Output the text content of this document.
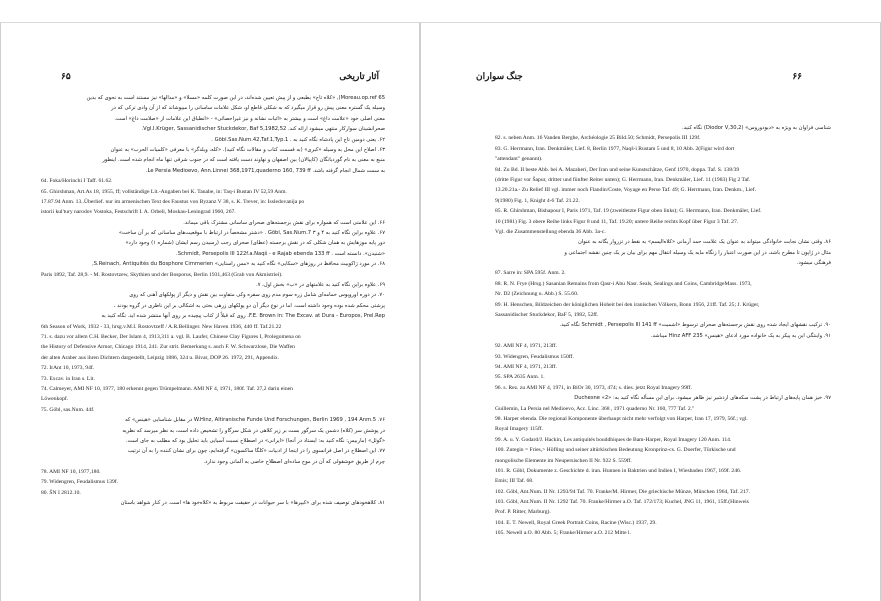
۶۵	آثار تاریخی
65 Moreau.op.ref), «کلاه تاج» بطبعی و از پیش تعیین شده‌اند، در این صورت کلمه «مسلا» و «مدالها» نیز مستند است به نحوی که بدین
وسیله یک گستره معنی پیش رو قرار میگیرد که به شکلی قاطع او، شکل علامات ساسانی را میپوشاند که از آن وادی ترکی که در
معنی اصلی خود «علامت داغ» است و بیشتر به «اثبات نشانه و نیز غیراحصائی» - «انطباق این علامات از «صلامت داغ» است.
صحرانشینان سوارکار منتهی میشود ارائه کند. Vgl.I.Krüger, Sassanidischer Stuckdekor, Baf 5,1982,52.
۶۲. یعنی دومین تاج این پادشاه نگاه کنید به . Göbl.Sas.Num.42,Taf.1,Typ.1 .
۶۳. اصلاح این محل به وسیله «کبری» (به قسمت کتاب و مقالات نگاه کنید). «کله، ویلدگر» با معرفی «کلمیات الحرب» به عنوان
منبع به معنی به نام گوردیانگان (کاپیالان) بین اصفهان و نهاوند دست یافته است که در جنوب شرقی تنها ماه انجام شده است. اینطور
به سمت شمال انجام گرفته باشد. Le Persia Medioevo, Ann.Linnei 368,1971,quaderno 160, 739 ff.
64. Foka/Horinchi I Taff. 61.62.
65. Ghirshman, Art.As 18, 1955, ff; vollständige Lit.-Angaben bei K. Tanabe, in: Taq-i Bustan IV 52,59 Anm.
17.87.94 Anm. 13..Überlief. nur im armenischen Text des Faustus von Byzanz V 38, s. K. Trever, in: Issledovanija po
istorii kul'tury narodov Vostoka, Festschrift I. A. Orbeli, Moskau-Leningrad 1960, 267.
۶۶. این علامتی است که همواره برای نقش برجسته‌های صحرای ساسانی مشترک باقی میماند.
۶۷. علاوه براین نگاه کنید به ۴ و ۳ Göbl, Sas.Num.7 . «دشتر مشخصاً در ارتباط با موقعیت‌های ساسانی که بر آن ساخت»
دور پایه موزهایش به همان شکلی که در نقش برجسته (عطای) صحرای رجب (رسیدن رسم ایشان (شماره ۱) وجود دارد»
«شنیدن». دانسته است . Schmidt, Persepolis III 122f.a.Naqš - e Rajab ebenda 133 ff.
۶۸. در مورد ژاکوییث محافظ در روزهای «سکایی» نگاه کنید به «مس راستایی» S.Reinach, Antiquités du Bosphore Cimmerien,
Paris 1892, Taf. 28,9. - M. Rostovtzew, Skythien und der Bosporus, Berlin 1931,463 (Grab von Akmistriei).
۶۹. علاوه براین نگاه کنید به علامتهای در «ب» بخش اول، ۷.
۷۰. در دوره اوروپوس حمامه‌ای شامل زره سوم مدم روی سفره وکی متفاوت بین نقش و دیگر از پولکهای آهنی که روی
پرشتی محکم شده بوده وجود داشته است. اما در نوع دیگر آن دو پولکهای زرهی بحثی به اشکالی بر این ناظری در گروه بودند ،
F.E. Brown in: The Excav. at Dura - Europos, Prel.Rep. روی که قبلاً از کتاب پیچیده بر روی آنها منتشر شده اید. نگاه کنید به
6th Season of Work, 1932 - 33, hrsg.v.M.I. Rostovtzeff / A.R.Bellinger. New Haven 1936, 440 ff. Taf.21.22
71. s. dazu vor allem C.H. Becker, Der Islam 4, 1913,311 a. vgl. B. Laufer, Chinese Clay Figures I, Prolegomena on
the History of Defensive Armor, Chicago 1914, 241. Zur strit. Bemerkung s. auch F. W. Schwarzlose, Die Waffen
der alten Araber aus ihren Dichtern dargestellt, Leipzig 1886, 324 u. Bivar, DOP 26. 1972, 291, Appendix.
72. IrAnt 10, 1973, 94f.
73. Excav. in Iran s. Lit.
74. Calmeyer, AMI NF 10, 1977, 180 erkennt gegen Trümpelmann. AMI NF 4, 1971, 180f. Taf. 27,2 darin einen
Löwenkopf.
75. Göbl, sas.Num. 44f.
۷۶. W.Hinz, Altiranische Funde Und Forschungen, Berlin 1969 , 194 Anm.5 در مقابل شناسایی «هینس» که
در پوشش سر (کلاه) دشمن یک سرگور بست بر زیر کلاهی در شکل سرگاو را تشخیص داده است، به نظر میرسد که نظریه
«گوئل» (ماربیس: نگاه کنید به: ایستاد در آنجا) «ایرانی» در اصطلاح نسبت آسیایی باید تحلیل بود که مطلب به جای است.
۷۷. این اصطلاح در اصل فرانسوی را در اینجا از ادبیات «کلگا ساکسون» گرفته‌ایم، چون برای نشان کننده را به آن ترتیب
چرم از طریق خوشقولی که آن در موج ساده‌ای اصطلاح خاصی به آلمانی وجود ندارد.
78. AMI NF 10, 1977,180.
79. Widengren, Feudalismus 139f.
80. ŠN I 2812.10.
۸۱. کلاهخودهای توصیف شده برای «کیپرها» با سر حیوانات در حقیقت مربوط به «کلاه‌خود ها» است. در کنار شواهد باستان
جنگ سواران	۶۶
شناسی فراوان به ویژه به «دیودوروس» (Diodor V,30,2) نگاه کنید.
82. s. neben Anm. 16 Vanden Berghe, Archéologie 25 Bild.50; Schmidt, Persepolis III 129f.
83. G. Herrmann, Iran. Denkmäler, Lief. 8, Berlin 1977, Naqš-i Rustam 5 und 8, 10 Abb. 2(Figur wird dort
"attendant" genannt).
84. Zu Bd. II beste Abb. bei A. Mazaheri, Der Iran und seine Kunstschätze, Genf 1970, doppa. Taf. S. 138/39
(dritte Figur vor Šapur, dritter und fünfter Reiter unten); G. Herrmann, Iran. Denkmäler, Lief. 11 (1983) Fig 2 Taf.
13.20.21a.- Zu Relief III vgl. immer noch Flandin/Coste, Voyage en Perse Taf. 49; G. Herrmann, Iran. Denkm., Lief.
9(1980) Fig. 1, Knight 4-6 Taf. 21.22.
85. R. Ghirshman, Bishapour I, Paris 1971, Taf. 19 (zweitletzte Figur oben links); G. Herrmann, Iran. Denkmäler, Lief.
10 (1981) Fig. 3 obere Reihe links Figur 8 und 11, Taf. 19.20; untere Reihe rechts Kopf über Figur 3 Taf. 27.
Vgl. die Zusammenstellung ebenda 36 Abb. 3a-c.
۸۶. وقتی نشان نجابت خانوادگی میتواند به عنوان یک علامت حمد آرمانی «کلاه‌الیسم» به نقط در تزروار یگانه به عنوان
مثال در ژاپون تا مطرح باشد، در این صورت اعتبار را زنگاه مایه یک وسیله انتقال مهم برای بیان بر یک چنین نقشه اجتماعی و
فرهنگی میشود.
87. Sarre in: SPA 595f. Anm. 2.
88. R. N. Frye (Hrsg.) Sasanian Remains from Qasr-i Abu Nasr. Seals, Sealings and Coins, CambridgeMass. 1973,
Nr. D2 (Zeichnung u. Abb.) S. 55.60.
89. H. Henschen, Bildzeichen der königlichen Hoheit bei den iranischen Völkern, Bonn 1956, 21ff. Taf. 25; J. Krüger,
Sassanidischer Stuckdekor, BaF 5, 1982, 52ff.
۹۰. ترکیب نقشهای ایجاد شده روی نقش برجسته‌های صحرای ترسوط «اشمیت» Schmidt , Persepolis III 141 ff نگاه کنید.
۹۱. واینتگی این به پیکر به یک خانواده مورد ادعای «هینس» Hinz AFF 235 میباشد.
92. AMI NF 4, 1971, 213ff.
93. Widengren, Feudalismus 150ff.
94. AMI NF 4, 1971, 213ff.
95. SPA 2635 Anm. 1.
96. s. Rez. zu AMI NF 4, 1971, in BiOr 30, 1973, 474; s. dies. jetzt Royal Imagery 99ff.
۹۷. خیز همان پایه‌های ارتباط در پشت سکه‌های اردشیر نیز ظاهر میشود. برای این مسأله نگاه کنید به: «Duchesne «2
Guillemin, La Persia nel Medioevo, Acc. Linc. 368 , 1971 quaderno Nr. 160, 777 Taf. 2."
98. Harper ebenda. Die regional Komponente überhaupt nicht mehr verfolgt von Harper, Iran 17, 1979, 56f.; vgl.
Royal Imagery 115ff.
99. A. u. Y. Godard/J. Hackin, Les antiquités bouddhiques de Bam-Harper, Royal Imagery 120 Anm. 114.
100. Zutegin = Fries,> Höfling und seiner altürkischen Bedeutung Kronprinz-cs. G. Doerfer, Türkische und
mongolische Elemente im Neupersischen II Nr. 922 S. 559ff.
101. R. Göbl, Dokumente z. Geschichte d. iran. Hunnen in Baktrien und Indien I, Wiesbaden 1967, 169f. 246.
Emis; III Taf. 68.
102. Göbl, Ant.Num. II Nr. 1293/94 Taf. 70. Franke/M. Hirmer, Die griechische Münze, München 1964, Taf. 217.
103. Göbl, Ant.Num. II Nr. 1292 Taf. 70. Franke/Hirmer a.O. Taf. 172/173; Kuchel, JNG 11, 1961, 15ff.(Hinweis
Prof. P. Ritter, Marburg).
104. E. T. Newell, Royal Greek Portrait Coins, Racine (Wisc.) 1937, 29.
105. Newell a.O. 80 Abb. 5; Franke/Hirmer a.O. 212 Mitte l.
